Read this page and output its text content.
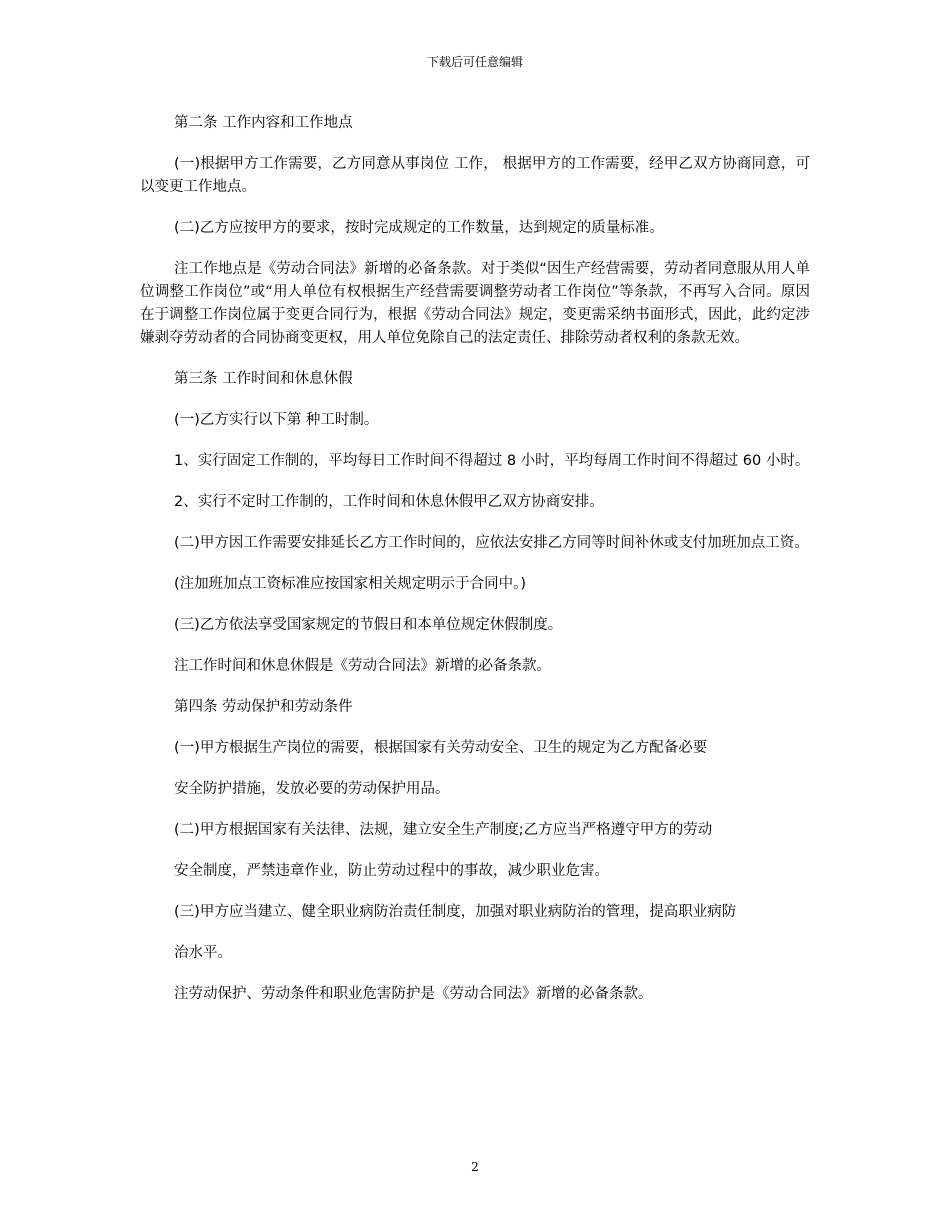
下载后可任意编辑

第二条 工作内容和工作地点

(一)根据甲方工作需要，乙方同意从事岗位 工作， 根据甲方的工作需要，经甲乙双方协商同意，可以变更工作地点。

(二)乙方应按甲方的要求，按时完成规定的工作数量，达到规定的质量标准。

注工作地点是《劳动合同法》新增的必备条款。对于类似“因生产经营需要，劳动者同意服从用人单位调整工作岗位”或“用人单位有权根据生产经营需要调整劳动者工作岗位”等条款，不再写入合同。原因在于调整工作岗位属于变更合同行为，根据《劳动合同法》规定，变更需采纳书面形式，因此，此约定涉嫌剥夺劳动者的合同协商变更权，用人单位免除自己的法定责任、排除劳动者权利的条款无效。

第三条 工作时间和休息休假

(一)乙方实行以下第 种工时制。

1、实行固定工作制的，平均每日工作时间不得超过 8 小时，平均每周工作时间不得超过 60 小时。

2、实行不定时工作制的，工作时间和休息休假甲乙双方协商安排。

(二)甲方因工作需要安排延长乙方工作时间的，应依法安排乙方同等时间补休或支付加班加点工资。

(注加班加点工资标准应按国家相关规定明示于合同中。)

(三)乙方依法享受国家规定的节假日和本单位规定休假制度。

注工作时间和休息休假是《劳动合同法》新增的必备条款。

第四条 劳动保护和劳动条件

(一)甲方根据生产岗位的需要，根据国家有关劳动安全、卫生的规定为乙方配备必要

安全防护措施，发放必要的劳动保护用品。

(二)甲方根据国家有关法律、法规，建立安全生产制度;乙方应当严格遵守甲方的劳动

安全制度，严禁违章作业，防止劳动过程中的事故，减少职业危害。

(三)甲方应当建立、健全职业病防治责任制度，加强对职业病防治的管理，提高职业病防

治水平。

注劳动保护、劳动条件和职业危害防护是《劳动合同法》新增的必备条款。

2
